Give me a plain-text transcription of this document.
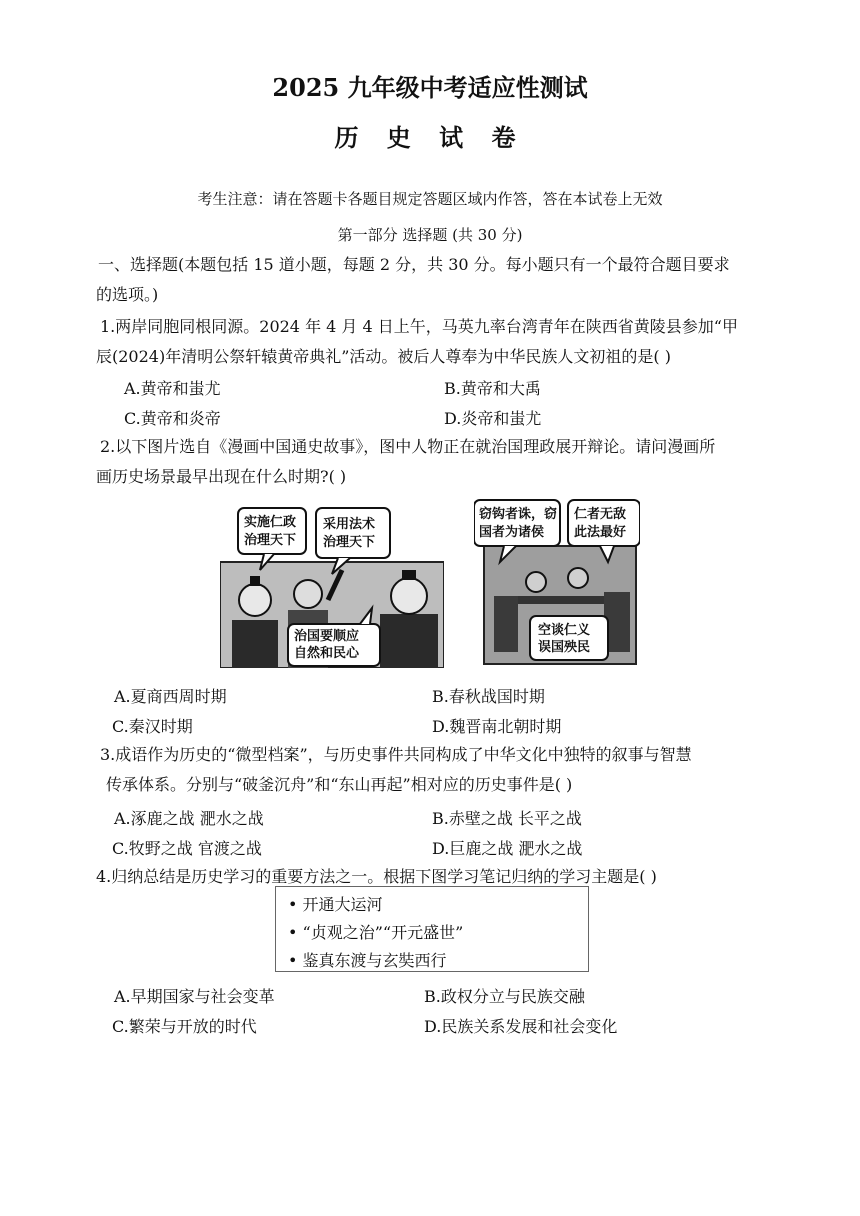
2025 九年级中考适应性测试
历 史 试 卷
考生注意：请在答题卡各题目规定答题区域内作答，答在本试卷上无效
第一部分 选择题 (共 30 分)
一、选择题(本题包括 15 道小题，每题 2 分，共 30 分。每小题只有一个最符合题目要求
的选项。)
1.两岸同胞同根同源。2024 年 4 月 4 日上午，马英九率台湾青年在陕西省黄陵县参加“甲
辰(2024)年清明公祭轩辕黄帝典礼”活动。被后人尊奉为中华民族人文初祖的是( )
A.黄帝和蚩尤	B.黄帝和大禹
C.黄帝和炎帝	D.炎帝和蚩尤
2.以下图片选自《漫画中国通史故事》，图中人物正在就治国理政展开辩论。请问漫画所
画历史场景最早出现在什么时期?( )
实施仁政
治理天下
采用法术
治理天下
治国要顺应
自然和民心
窃钩者诛，窃
国者为诸侯
仁者无敌
此法最好
空谈仁义
误国殃民
A.夏商西周时期	B.春秋战国时期
C.秦汉时期	D.魏晋南北朝时期
3.成语作为历史的“微型档案”，与历史事件共同构成了中华文化中独特的叙事与智慧
传承体系。分别与“破釜沉舟”和“东山再起”相对应的历史事件是( )
A.涿鹿之战 淝水之战	B.赤壁之战 长平之战
C.牧野之战 官渡之战	D.巨鹿之战 淝水之战
4.归纳总结是历史学习的重要方法之一。根据下图学习笔记归纳的学习主题是( )
• 开通大运河
• “贞观之治”“开元盛世”
• 鉴真东渡与玄奘西行
A.早期国家与社会变革	B.政权分立与民族交融
C.繁荣与开放的时代	D.民族关系发展和社会变化
